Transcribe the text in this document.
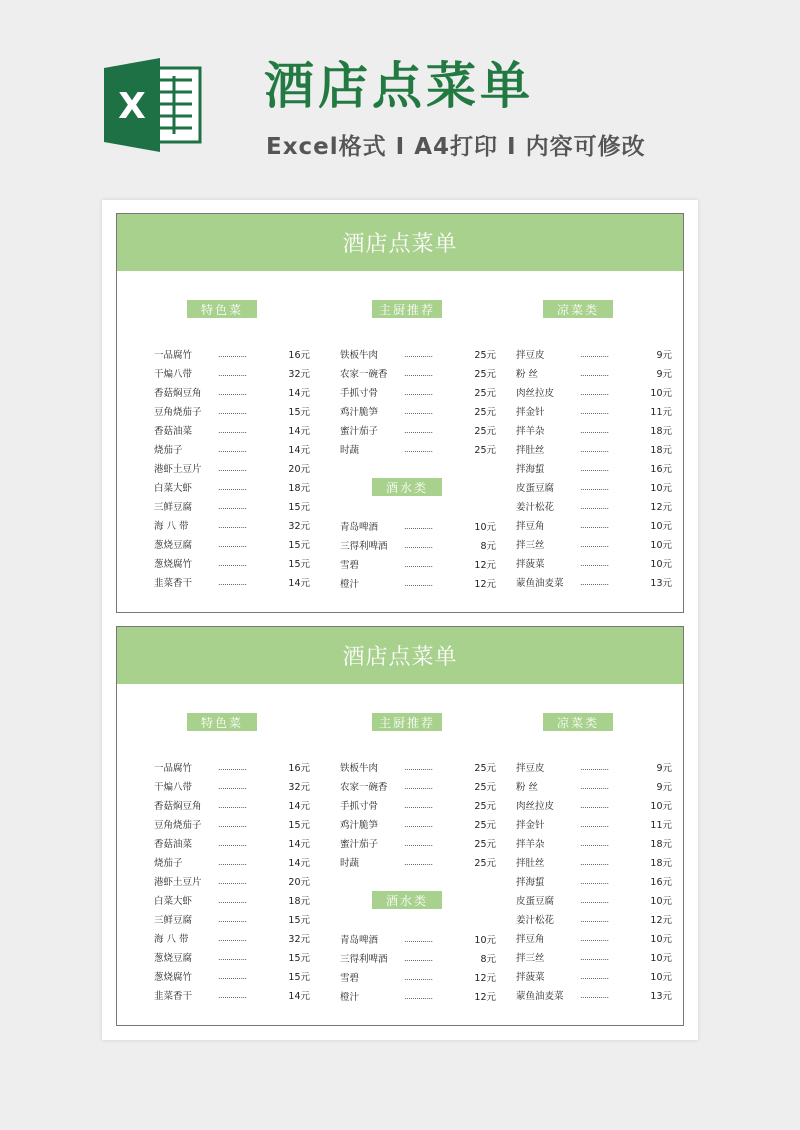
X 酒店点菜单
Excel格式 I A4打印 I 内容可修改
酒店点菜单
特色菜	主厨推荐	凉菜类
酒水类
一品腐竹	..............	16元
干煸八带	..............	32元
香菇焖豆角 ..............	14元
豆角烧茄子 ..............	15元
香菇油菜	..............	14元
烧茄子	..............	14元
港虾土豆片 ..............	20元
白菜大虾	..............	18元
三鲜豆腐	..............	15元
海 八 带	..............	32元
葱烧豆腐	..............	15元
葱烧腐竹	..............	15元
韭菜香干	..............	14元
铁板牛肉	..............	25元
农家一碗香 ..............	25元
手抓寸骨	..............	25元
鸡汁脆笋	..............	25元
蜜汁茄子	..............	25元
时蔬	..............	25元
青岛啤酒	..............	10元
三得利啤酒 ..............	8元
雪碧	..............	12元
橙汁	..............	12元
拌豆皮	..............	9元
粉 丝	..............	9元
肉丝拉皮	..............	10元
拌金针	..............	11元
拌羊杂	..............	18元
拌肚丝	..............	18元
拌海蜇	..............	16元
皮蛋豆腐	..............	10元
姜汁松花	..............	12元
拌豆角	..............	10元
拌三丝	..............	10元
拌菠菜	..............	10元
蒙鱼油麦菜 ..............	13元
酒店点菜单
特色菜	主厨推荐	凉菜类
酒水类
一品腐竹	..............	16元
干煸八带	..............	32元
香菇焖豆角 ..............	14元
豆角烧茄子 ..............	15元
香菇油菜	..............	14元
烧茄子	..............	14元
港虾土豆片 ..............	20元
白菜大虾	..............	18元
三鲜豆腐	..............	15元
海 八 带	..............	32元
葱烧豆腐	..............	15元
葱烧腐竹	..............	15元
韭菜香干	..............	14元
铁板牛肉	..............	25元
农家一碗香 ..............	25元
手抓寸骨	..............	25元
鸡汁脆笋	..............	25元
蜜汁茄子	..............	25元
时蔬	..............	25元
青岛啤酒	..............	10元
三得利啤酒 ..............	8元
雪碧	..............	12元
橙汁	..............	12元
拌豆皮	..............	9元
粉 丝	..............	9元
肉丝拉皮	..............	10元
拌金针	..............	11元
拌羊杂	..............	18元
拌肚丝	..............	18元
拌海蜇	..............	16元
皮蛋豆腐	..............	10元
姜汁松花	..............	12元
拌豆角	..............	10元
拌三丝	..............	10元
拌菠菜	..............	10元
蒙鱼油麦菜 ..............	13元
